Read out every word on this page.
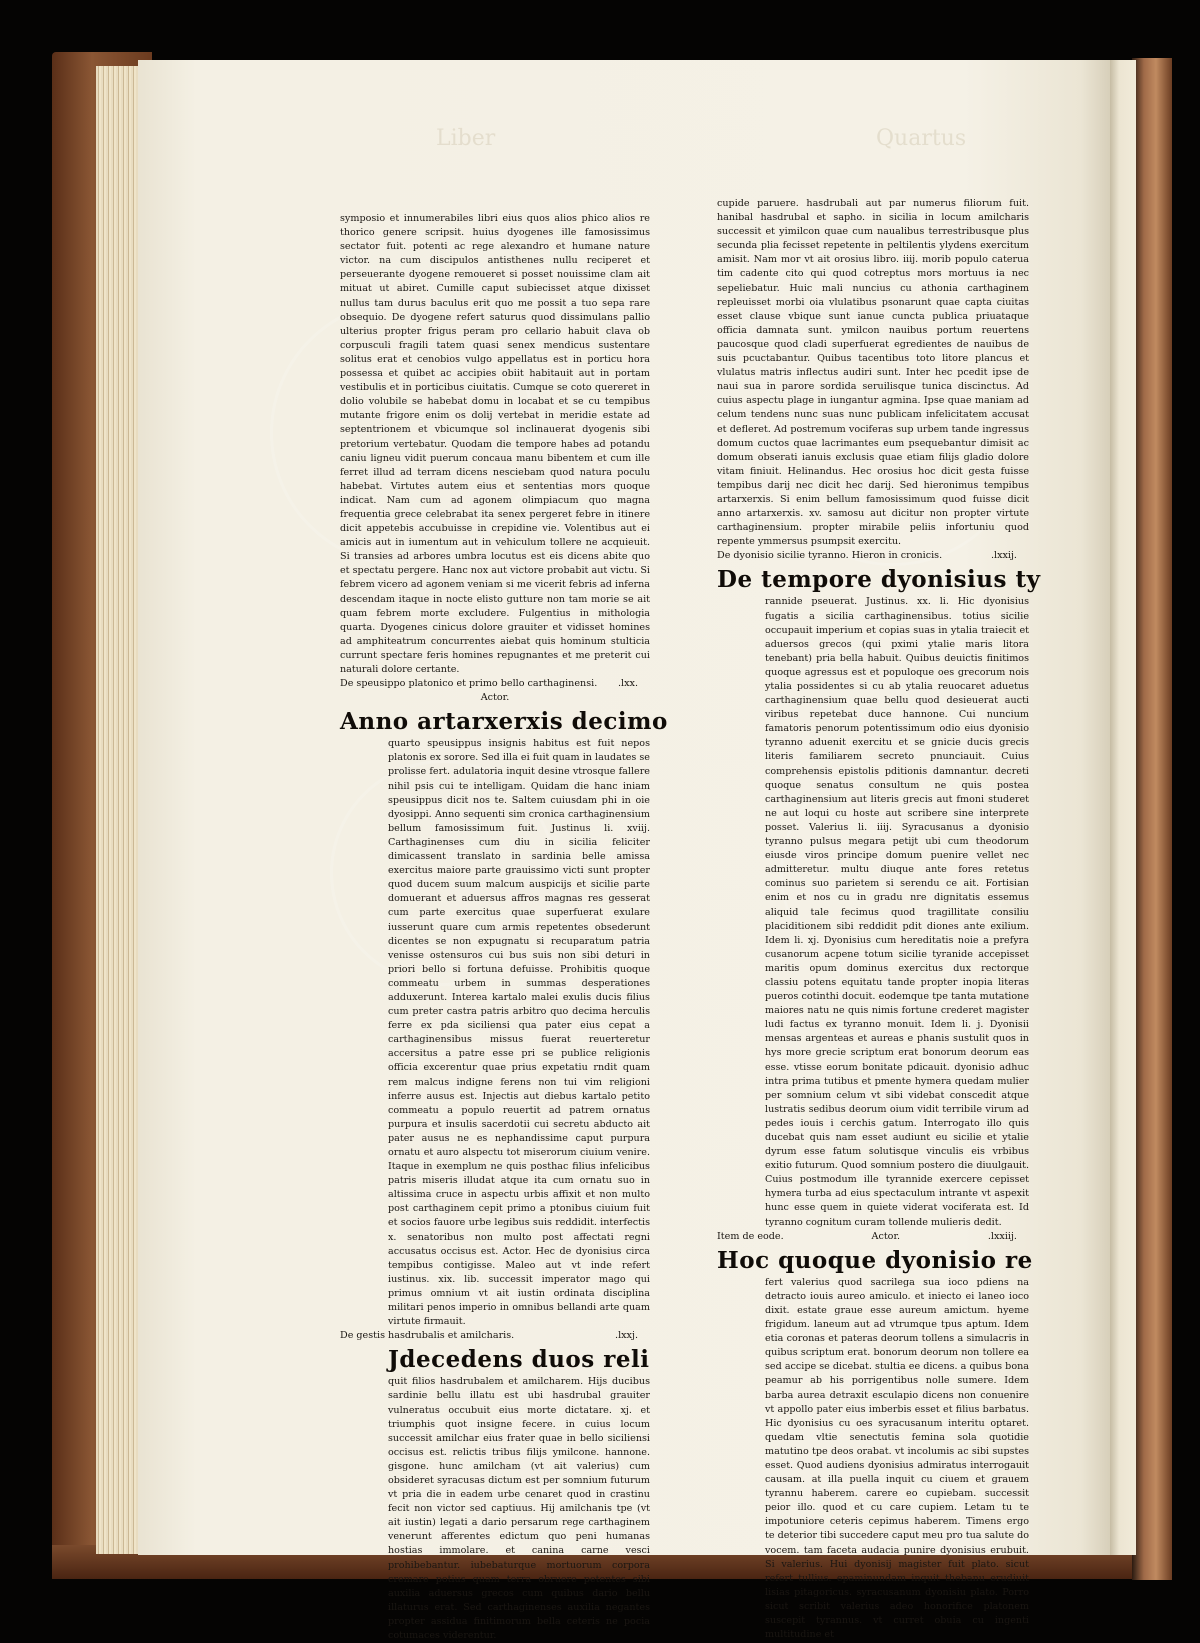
Liber	Quartus

symposio et innumerabiles libri eius quos alios phico alios re thorico genere scripsit. huius dyogenes ille famosissimus sectator fuit. potenti ac rege alexandro et humane nature victor. na cum discipulos antisthenes nullu reciperet et perseuerante dyogene remoueret si posset nouissime clam ait mituat ut abiret. Cumille caput subiecisset atque dixisset nullus tam durus baculus erit quo me possit a tuo sepa rare obsequio. De dyogene refert saturus quod dissimulans pallio ulterius propter frigus peram pro cellario habuit clava ob corpusculi fragili tatem quasi senex mendicus sustentare solitus erat et cenobios vulgo appellatus est in porticu hora possessa et quibet ac accipies obiit habitauit aut in portam vestibulis et in porticibus ciuitatis. Cumque se coto quereret in dolio volubile se habebat domu in locabat et se cu tempibus mutante frigore enim os dolij vertebat in meridie estate ad septentrionem et vbicumque sol inclinauerat dyogenis sibi pretorium vertebatur. Quodam die tempore habes ad potandu caniu ligneu vidit puerum concaua manu bibentem et cum ille ferret illud ad terram dicens nesciebam quod natura poculu habebat. Virtutes autem eius et sententias mors quoque indicat. Nam cum ad agonem olimpiacum quo magna frequentia grece celebrabat ita senex pergeret febre in itinere dicit appetebis accubuisse in crepidine vie. Volentibus aut ei amicis aut in iumentum aut in vehiculum tollere ne acquieuit. Si transies ad arbores umbra locutus est eis dicens abite quo et spectatu pergere. Hanc nox aut victore probabit aut victu. Si febrem vicero ad agonem veniam si me vicerit febris ad inferna descendam itaque in nocte elisto gutture non tam morie se ait quam febrem morte excludere. Fulgentius in mithologia quarta. Dyogenes cinicus dolore grauiter et vidisset homines ad amphiteatrum concurrentes aiebat quis hominum stulticia currunt spectare feris homines repugnantes et me preterit cui naturali dolore certante.

De speusippo platonico et primo bello carthaginensi. .lxx.
Actor.
Anno artarxerxis decimo

quarto speusippus insignis habitus est fuit nepos platonis ex sorore. Sed illa ei fuit quam in laudates se prolisse fert. adulatoria inquit desine vtrosque fallere nihil psis cui te intelligam. Quidam die hanc iniam speusippus dicit nos te. Saltem cuiusdam phi in oie dyosippi. Anno sequenti sim cronica carthaginensium bellum famosissimum fuit. Justinus li. xviij. Carthaginenses cum diu in sicilia feliciter dimicassent translato in sardinia belle amissa exercitus maiore parte grauissimo victi sunt propter quod ducem suum malcum auspicijs et sicilie parte domuerant et aduersus affros magnas res gesserat cum parte exercitus quae superfuerat exulare iusserunt quare cum armis repetentes obsederunt dicentes se non expugnatu si recuparatum patria venisse ostensuros cui bus suis non sibi deturi in priori bello si fortuna defuisse. Prohibitis quoque commeatu urbem in summas desperationes adduxerunt. Interea kartalo malei exulis ducis filius cum preter castra patris arbitro quo decima herculis ferre ex pda siciliensi qua pater eius cepat a carthaginensibus missus fuerat reuerteretur accersitus a patre esse pri se publice religionis officia excerentur quae prius expetatiu rndit quam rem malcus indigne ferens non tui vim religioni inferre ausus est. Injectis aut diebus kartalo petito commeatu a populo reuertit ad patrem ornatus purpura et insulis sacerdotii cui secretu abducto ait pater ausus ne es nephandissime caput purpura ornatu et auro alspectu tot miserorum ciuium venire. Itaque in exemplum ne quis posthac filius infelicibus patris miseris illudat atque ita cum ornatu suo in altissima cruce in aspectu urbis affixit et non multo post carthaginem cepit primo a ptonibus ciuium fuit et socios fauore urbe legibus suis reddidit. interfectis x. senatoribus non multo post affectati regni accusatus occisus est. Actor. Hec de dyonisius circa tempibus contigisse. Maleo aut vt inde refert iustinus. xix. lib. successit imperator mago qui primus omnium vt ait iustin ordinata disciplina militari penos imperio in omnibus bellandi arte quam virtute firmauit.

De gestis hasdrubalis et amilcharis.	.lxxj.
Jdecedens duos reli

quit filios hasdrubalem et amilcharem. Hijs ducibus sardinie bellu illatu est ubi hasdrubal grauiter vulneratus occubuit eius morte dictatare. xj. et triumphis quot insigne fecere. in cuius locum successit amilchar eius frater quae in bello siciliensi occisus est. relictis tribus filijs ymilcone. hannone. gisgone. hunc amilcham (vt ait valerius) cum obsideret syracusas dictum est per somnium futurum vt pria die in eadem urbe cenaret quod in crastinu fecit non victor sed captiuus. Hij amilchanis tpe (vt ait iustin) legati a dario persarum rege carthaginem venerunt afferentes edictum quo peni humanas hostias immolare. et canina carne vesci prohibebantur. iubebaturque mortuorum corpora cremare potius quam terra obruere petentes sibi auxilia aduersus grecos cum quibus dario bellu illaturus erat. Sed carthaginenses auxilia negantes propter assidua finitimorum bella ceteris ne pocia cotumaces viderentur.

cupide paruere. hasdrubali aut par numerus filiorum fuit. hanibal hasdrubal et sapho. in sicilia in locum amilcharis successit et yimilcon quae cum naualibus terrestribusque plus secunda plia fecisset repetente in peltilentis ylydens exercitum amisit. Nam mor vt ait orosius libro. iiij. morib populo caterua tim cadente cito qui quod cotreptus mors mortuus ia nec sepeliebatur. Huic mali nuncius cu athonia carthaginem repleuisset morbi oia vlulatibus psonarunt quae capta ciuitas esset clause vbique sunt ianue cuncta publica priuataque officia damnata sunt. ymilcon nauibus portum reuertens paucosque quod cladi superfuerat egredientes de nauibus de suis pcuctabantur. Quibus tacentibus toto litore plancus et vlulatus matris inflectus audiri sunt. Inter hec pcedit ipse de naui sua in parore sordida seruilisque tunica discinctus. Ad cuius aspectu plage in iungantur agmina. Ipse quae maniam ad celum tendens nunc suas nunc publicam infelicitatem accusat et defleret. Ad postremum vociferas sup urbem tande ingressus domum cuctos quae lacrimantes eum psequebantur dimisit ac domum obserati ianuis exclusis quae etiam filijs gladio dolore vitam finiuit. Helinandus. Hec orosius hoc dicit gesta fuisse tempibus darij nec dicit hec darij. Sed hieronimus tempibus artarxerxis. Si enim bellum famosissimum quod fuisse dicit anno artarxerxis. xv. samosu aut dicitur non propter virtute carthaginensium. propter mirabile peliis infortuniu quod repente ymmersus psumpsit exercitu.

De dyonisio sicilie tyranno. Hieron in cronicis.	.lxxij.
De tempore dyonisius ty

rannide pseuerat. Justinus. xx. li. Hic dyonisius fugatis a sicilia carthaginensibus. totius sicilie occupauit imperium et copias suas in ytalia traiecit et aduersos grecos (qui pximi ytalie maris litora tenebant) pria bella habuit. Quibus deuictis finitimos quoque agressus est et populoque oes grecorum nois ytalia possidentes si cu ab ytalia reuocaret aduetus carthaginensium quae bellu quod desieuerat aucti viribus repetebat duce hannone. Cui nuncium famatoris penorum potentissimum odio eius dyonisio tyranno aduenit exercitu et se gnicie ducis grecis literis familiarem secreto pnunciauit. Cuius comprehensis epistolis pditionis damnantur. decreti quoque senatus consultum ne quis postea carthaginensium aut literis grecis aut fmoni studeret ne aut loqui cu hoste aut scribere sine interprete posset. Valerius li. iiij. Syracusanus a dyonisio tyranno pulsus megara petijt ubi cum theodorum eiusde viros principe domum puenire vellet nec admitteretur. multu diuque ante fores retetus cominus suo parietem si serendu ce ait. Fortisian enim et nos cu in gradu nre dignitatis essemus aliquid tale fecimus quod tragillitate consiliu placiditionem sibi reddidit pdit diones ante exilium. Idem li. xj. Dyonisius cum hereditatis noie a prefyra cusanorum acpene totum sicilie tyranide accepisset maritis opum dominus exercitus dux rectorque classiu potens equitatu tande propter inopia literas pueros cotinthi docuit. eodemque tpe tanta mutatione maiores natu ne quis nimis fortune crederet magister ludi factus ex tyranno monuit. Idem li. j. Dyonisii mensas argenteas et aureas e phanis sustulit quos in hys more grecie scriptum erat bonorum deorum eas esse. vtisse eorum bonitate pdicauit. dyonisio adhuc intra prima tutibus et pmente hymera quedam mulier per somnium celum vt sibi videbat conscedit atque lustratis sedibus deorum oium vidit terribile virum ad pedes iouis i cerchis gatum. Interrogato illo quis ducebat quis nam esset audiunt eu sicilie et ytalie dyrum esse fatum solutisque vinculis eis vrbibus exitio futurum. Quod somnium postero die diuulgauit. Cuius postmodum ille tyrannide exercere cepisset hymera turba ad eius spectaculum intrante vt aspexit hunc esse quem in quiete viderat vociferata est. Id tyranno cognitum curam tollende mulieris dedit.

Item de eode.	Actor.	.lxxiij.
Hoc quoque dyonisio re

fert valerius quod sacrilega sua ioco pdiens na detracto iouis aureo amiculo. et iniecto ei laneo ioco dixit. estate graue esse aureum amictum. hyeme frigidum. laneum aut ad vtrumque tpus aptum. Idem etia coronas et pateras deorum tollens a simulacris in quibus scriptum erat. bonorum deorum non tollere ea sed accipe se dicebat. stultia ee dicens. a quibus bona peamur ab his porrigentibus nolle sumere. Idem barba aurea detraxit esculapio dicens non conuenire vt appollo pater eius imberbis esset et filius barbatus. Hic dyonisius cu oes syracusanum interitu optaret. quedam vltie senectutis femina sola quotidie matutino tpe deos orabat. vt incolumis ac sibi supstes esset. Quod audiens dyonisius admiratus interrogauit causam. at illa puella inquit cu ciuem et grauem tyrannu haberem. carere eo cupiebam. successit peior illo. quod et cu care cupiem. Letam tu te impotuniore ceteris cepimus haberem. Timens ergo te deterior tibi succedere caput meu pro tua salute do vocem. tam faceta audacia punire dyonisius erubuit. Si valerius. Hui dyonisij magister fuit plato. sicut refert tullius. epaminundam inquit thebanu erudiuit lisias pitagoricus. syracusanum dyonisiu plato. Porro sicut scribit valerius adeo honorifice platonem suscepit tyrannus. vt curret obuia cu ingenti multitudine et
